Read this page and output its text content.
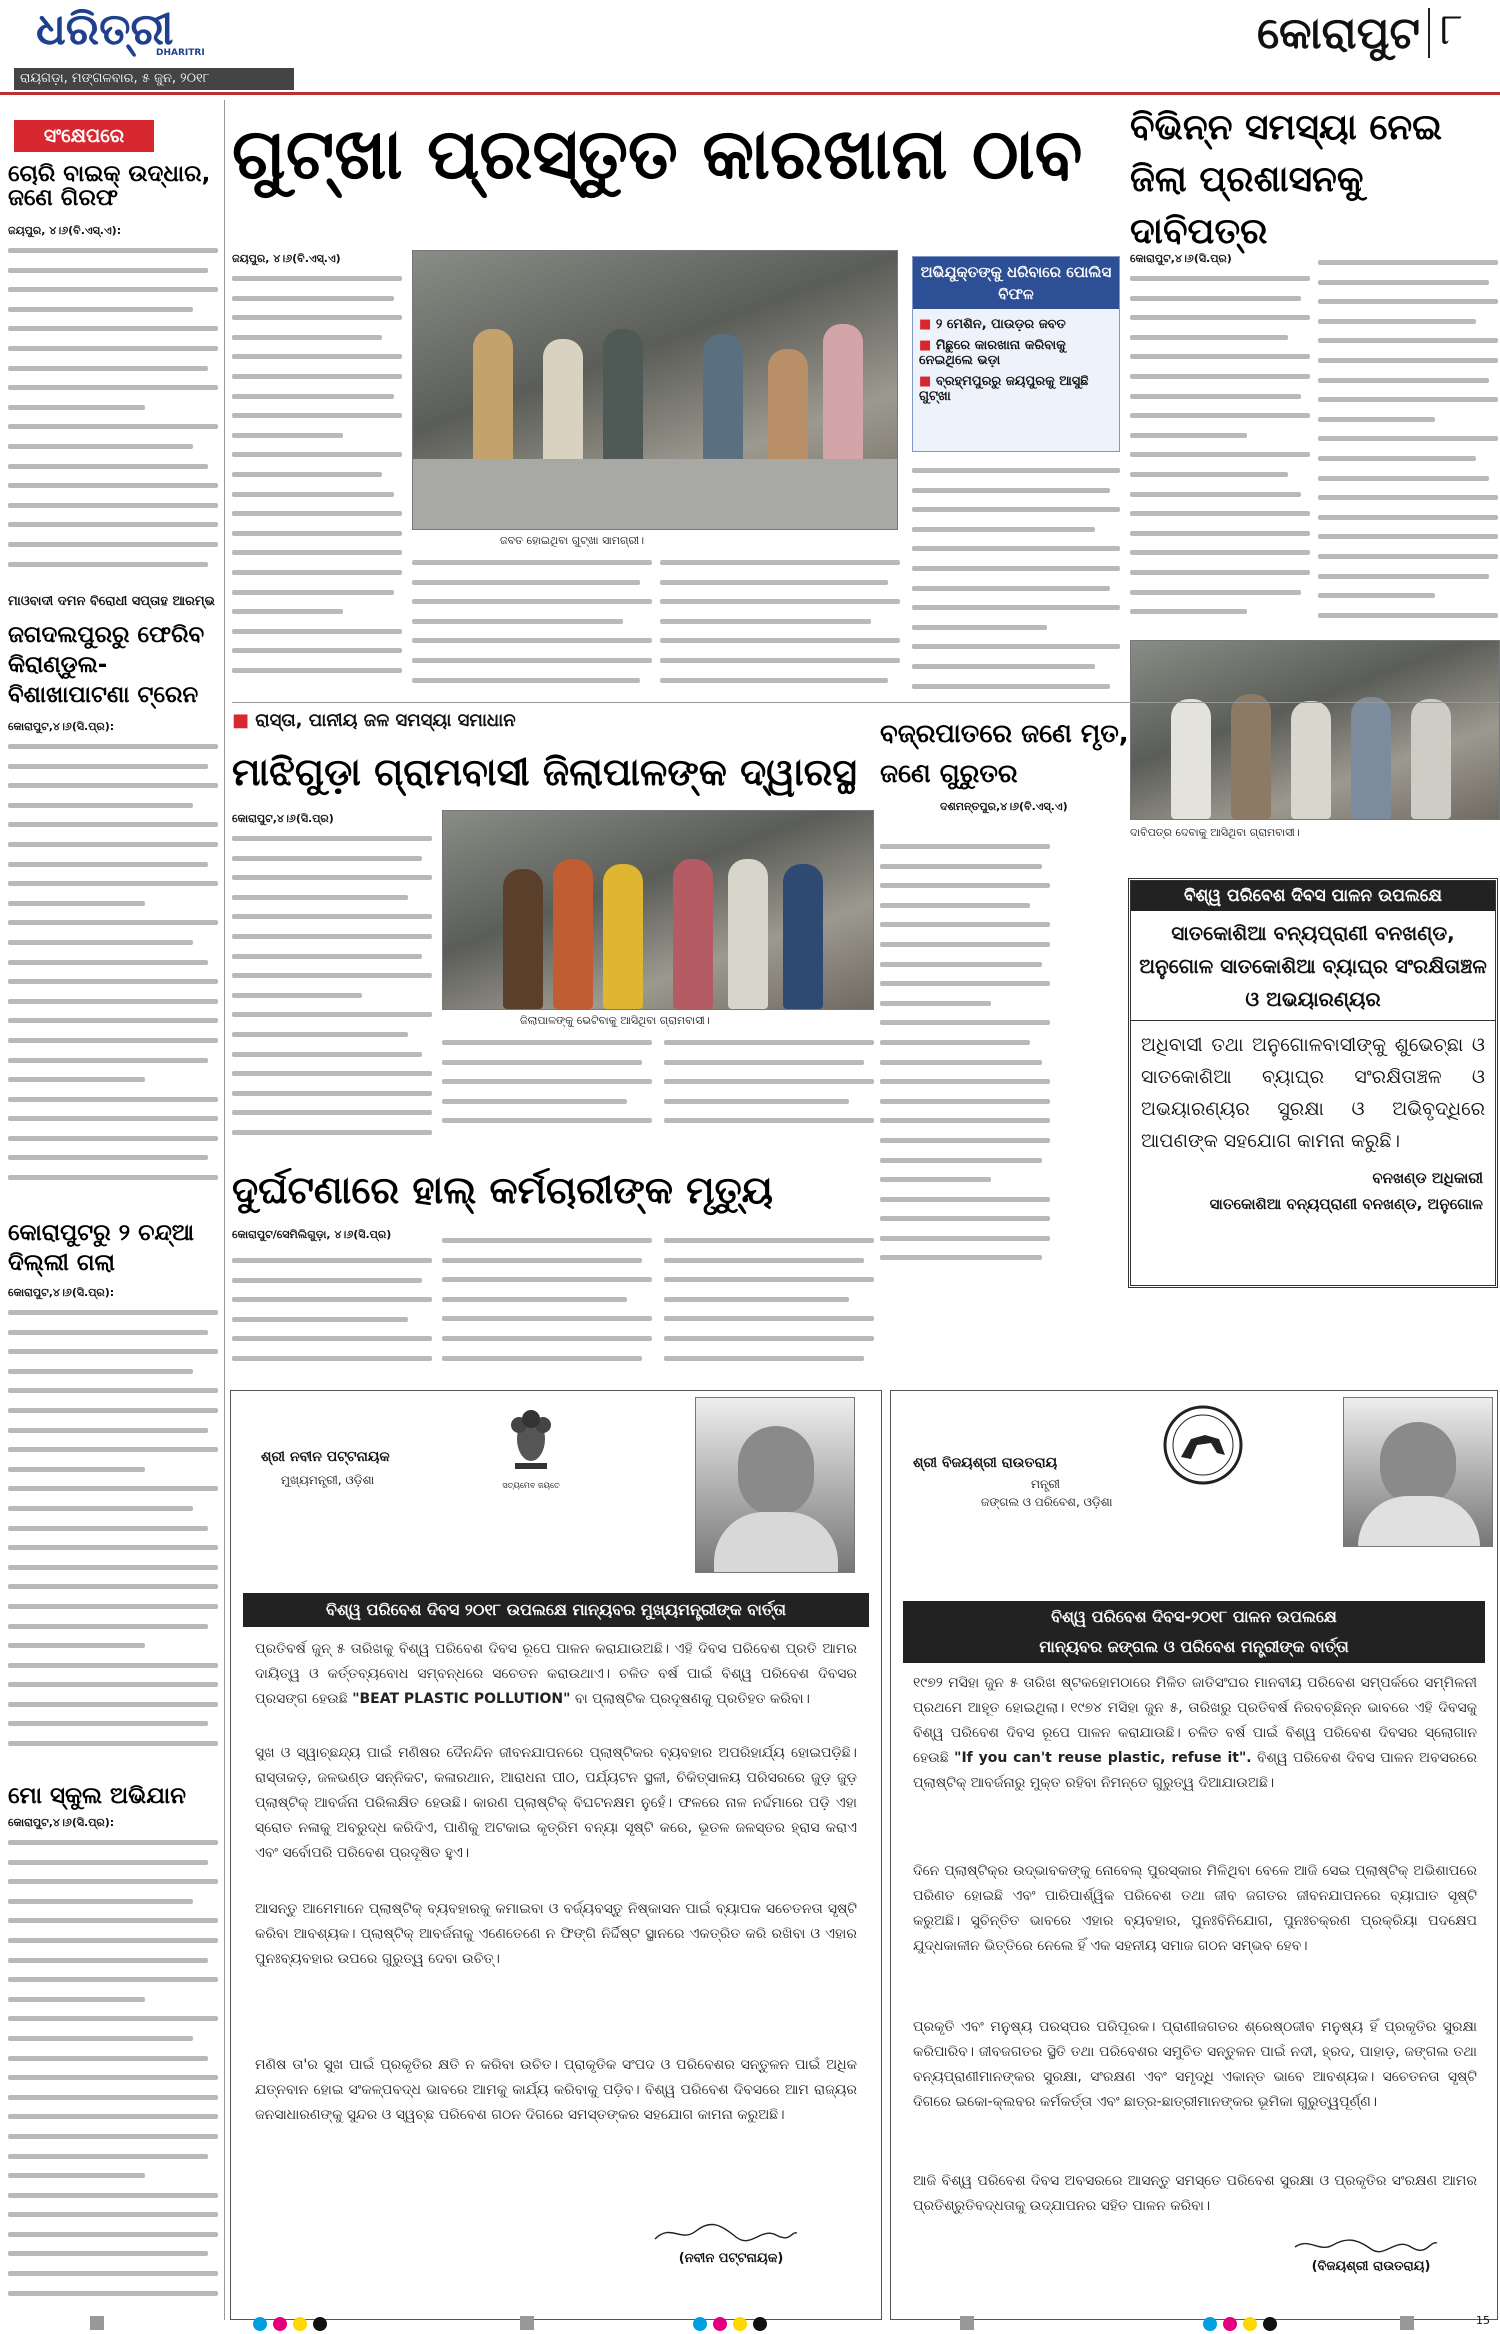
ଧରିତ୍ରୀ
DHARITRI
ରାୟଗଡ଼ା, ମଙ୍ଗଳବାର, ୫ ଜୁନ, ୨୦୧୮
କୋରାପୁଟ ୮
ସଂକ୍ଷେପରେ
ଚୋରି ବାଇକ୍ ଉଦ୍ଧାର, ଜଣେ ଗିରଫ
ଜୟପୁର, ୪।୬(ବି.ଏସ୍.ଏ):
ମାଓବାଦୀ ଦମନ ବିରୋଧୀ ସପ୍ତାହ ଆରମ୍ଭ
ଜଗଦଲପୁରରୁ ଫେରିବ କିରାଣ୍ଡୁଲ-ବିଶାଖାପାଟଣା ଟ୍ରେନ
କୋରାପୁଟ,୪।୬(ସି.ପ୍ର):
କୋରାପୁଟରୁ ୨ ଚନ୍ଦ୍ଆ ଦିଲ୍ଲୀ ଗଲା
କୋରାପୁଟ,୪।୬(ସି.ପ୍ର):
ମୋ ସ୍କୁଲ ଅଭିଯାନ
କୋରାପୁଟ,୪।୬(ସି.ପ୍ର):
ଗୁଟ୍‌ଖା ପ୍ରସ୍ତୁତ କାରଖାନା ଠାବ
ଜୟପୁର, ୪।୬(ବି.ଏସ୍.ଏ)
ଜବତ ହୋଇଥିବା ଗୁଟ୍‌ଖା ସାମଗ୍ରୀ।
ଅଭିଯୁକ୍ତଙ୍କୁ ଧରିବାରେ ପୋଲିସ ବିଫଳ
■ ୨ ମେଶିନ, ପାଉଡ଼ର ଜବତ
■ ମିଛୁରେ କାରଖାନା କରିବାକୁ ନେଇଥିଲେ ଭଡ଼ା
■ ବ୍ରହ୍ମପୁରରୁ ଜୟପୁରକୁ ଆସୁଛି ଗୁଟ୍‌ଖା
ବିଭିନ୍ନ ସମସ୍ୟା ନେଇ ଜିଲା ପ୍ରଶାସନକୁ ଦାବିପତ୍ର
କୋରାପୁଟ,୪।୬(ସି.ପ୍ର)
ଦାବିପତ୍ର ଦେବାକୁ ଆସିଥିବା ଗ୍ରାମବାସୀ।
■ ରାସ୍ତା, ପାନୀୟ ଜଳ ସମସ୍ୟା ସମାଧାନ
ମାଝିଗୁଡ଼ା ଗ୍ରାମବାସୀ ଜିଲାପାଳଙ୍କ ଦ୍ୱାରସ୍ଥ
କୋରାପୁଟ,୪।୬(ସି.ପ୍ର)
ଜିଲାପାଳଙ୍କୁ ଭେଟିବାକୁ ଆସିଥିବା ଗ୍ରାମବାସୀ।
ବଜ୍ରପାତରେ ଜଣେ ମୃତ, ଜଣେ ଗୁରୁତର
ଦଶମନ୍ତପୁର,୪।୬(ବି.ଏସ୍.ଏ)
ଦୁର୍ଘଟଣାରେ ହାଲ୍ କର୍ମଚାରୀଙ୍କ ମୃତ୍ୟୁ
କୋରାପୁଟ/ସେମିଲିଗୁଡ଼ା, ୪।୬(ସି.ପ୍ର)
ବିଶ୍ୱ ପରିବେଶ ଦିବସ ପାଳନ ଉପଲକ୍ଷେ
ସାତକୋଶିଆ ବନ୍ୟପ୍ରାଣୀ ବନଖଣ୍ଡ, ଅନୁଗୋଳ ସାତକୋଶିଆ ବ୍ୟାଘ୍ର ସଂରକ୍ଷିତାଞ୍ଚଳ ଓ ଅଭୟାରଣ୍ୟର
ଅଧିବାସୀ ତଥା ଅନୁଗୋଳବାସୀଙ୍କୁ ଶୁଭେଚ୍ଛା ଓ ସାତକୋଶିଆ ବ୍ୟାଘ୍ର ସଂରକ୍ଷିତାଞ୍ଚଳ ଓ ଅଭୟାରଣ୍ୟର ସୁରକ୍ଷା ଓ ଅଭିବୃଦ୍ଧିରେ ଆପଣଙ୍କ ସହଯୋଗ କାମନା କରୁଛି।
ବନଖଣ୍ଡ ଅଧିକାରୀ
ସାତକୋଶିଆ ବନ୍ୟପ୍ରାଣୀ ବନଖଣ୍ଡ, ଅନୁଗୋଳ
ଶ୍ରୀ ନବୀନ ପଟ୍ଟନାୟକ
ମୁଖ୍ୟମନ୍ତ୍ରୀ, ଓଡ଼ିଶା	ସତ୍ୟମେବ ଜୟତେ
ବିଶ୍ୱ ପରିବେଶ ଦିବସ ୨୦୧୮ ଉପଲକ୍ଷେ ମାନ୍ୟବର ମୁଖ୍ୟମନ୍ତ୍ରୀଙ୍କ ବାର୍ତ୍ତା
ପ୍ରତିବର୍ଷ ଜୁନ୍ ୫ ତାରିଖକୁ ବିଶ୍ୱ ପରିବେଶ ଦିବସ ରୂପେ ପାଳନ କରାଯାଉଅଛି। ଏହି ଦିବସ ପରିବେଶ ପ୍ରତି ଆମର ଦାୟିତ୍ୱ ଓ କର୍ତ୍ତବ୍ୟବୋଧ ସମ୍ବନ୍ଧରେ ସଚେତନ କରାଉଥାଏ। ଚଳିତ ବର୍ଷ ପାଇଁ ବିଶ୍ୱ ପରିବେଶ ଦିବସର ପ୍ରସଙ୍ଗ ହେଉଛି "BEAT PLASTIC POLLUTION" ବା ପ୍ଲାଷ୍ଟିକ ପ୍ରଦୂଷଣକୁ ପ୍ରତିହତ କରିବା।
ସୁଖ ଓ ସ୍ୱାଚ୍ଛନ୍ଦ୍ୟ ପାଇଁ ମଣିଷର ଦୈନନ୍ଦିନ ଜୀବନଯାପନରେ ପ୍ଲାଷ୍ଟିକର ବ୍ୟବହାର ଅପରିହାର୍ଯ୍ୟ ହୋଇପଡ଼ିଛି। ରାସ୍ତାକଡ଼, ଜଳଭଣ୍ଡ ସନ୍ନିକଟ, କଳାରଥାନ, ଆରାଧନା ପୀଠ, ପର୍ଯ୍ୟଟନ ସ୍ଥଳୀ, ଚିକିତ୍ସାଳୟ ପରିସରରେ ଜୁଡ଼ ଜୁଡ଼ ପ୍ଲାଷ୍ଟିକ୍ ଆବର୍ଜନା ପରିଲକ୍ଷିତ ହେଉଛି। କାରଣ ପ୍ଲାଷ୍ଟିକ୍ ବିଘଟନକ୍ଷମ ନୁହେଁ। ଫଳରେ ନାଳ ନର୍ଦ୍ଦମାରେ ପଡ଼ି ଏହା ସ୍ରୋତ ନଳାକୁ ଅବରୁଦ୍ଧ କରିଦିଏ, ପାଣିକୁ ଅଟକାଇ କୃତ୍ରିମ ବନ୍ୟା ସୃଷ୍ଟି କରେ, ଭୂତଳ ଜଳସ୍ତର ହ୍ରାସ କରାଏ ଏବଂ ସର୍ବୋପରି ପରିବେଶ ପ୍ରଦୂଷିତ ହୁଏ।
ଆସନ୍ତୁ ଆମେମାନେ ପ୍ଲାଷ୍ଟିକ୍ ବ୍ୟବହାରକୁ କମାଇବା ଓ ବର୍ଜ୍ୟବସ୍ତୁ ନିଷ୍କାସନ ପାଇଁ ବ୍ୟାପକ ସଚେତନତା ସୃଷ୍ଟି କରିବା ଆବଶ୍ୟକ। ପ୍ଲାଷ୍ଟିକ୍ ଆବର୍ଜନାକୁ ଏଣେତେଣେ ନ ଫିଙ୍ଗି ନିର୍ଦ୍ଦିଷ୍ଟ ସ୍ଥାନରେ ଏକତ୍ରିତ କରି ରଖିବା ଓ ଏହାର ପୁନଃବ୍ୟବହାର ଉପରେ ଗୁରୁତ୍ୱ ଦେବା ଉଚିତ୍।
ମଣିଷ ତା'ର ସୁଖ ପାଇଁ ପ୍ରକୃତିର କ୍ଷତି ନ କରିବା ଉଚିତ। ପ୍ରାକୃତିକ ସଂପଦ ଓ ପରିବେଶର ସନ୍ତୁଳନ ପାଇଁ ଅଧିକ ଯତ୍ନବାନ ହୋଇ ସଂକଳ୍ପବଦ୍ଧ ଭାବରେ ଆମକୁ କାର୍ଯ୍ୟ କରିବାକୁ ପଡ଼ିବ। ବିଶ୍ୱ ପରିବେଶ ଦିବସରେ ଆମ ରାଜ୍ୟର ଜନସାଧାରଣଙ୍କୁ ସୁନ୍ଦର ଓ ସ୍ୱଚ୍ଛ ପରିବେଶ ଗଠନ ଦିଗରେ ସମସ୍ତଙ୍କର ସହଯୋଗ କାମନା କରୁଅଛି।
(ନବୀନ ପଟ୍ଟନାୟକ)
ଶ୍ରୀ ବିଜୟଶ୍ରୀ ରାଉତରାୟ
ମନ୍ତ୍ରୀ
ଜଙ୍ଗଲ ଓ ପରିବେଶ, ଓଡ଼ିଶା
ବିଶ୍ୱ ପରିବେଶ ଦିବସ-୨୦୧୮ ପାଳନ ଉପଲକ୍ଷେ
ମାନ୍ୟବର ଜଙ୍ଗଲ ଓ ପରିବେଶ ମନ୍ତ୍ରୀଙ୍କ ବାର୍ତ୍ତା
୧୯୭୨ ମସିହା ଜୁନ ୫ ତାରିଖ ଷ୍ଟକହୋମଠାରେ ମିଳିତ ଜାତିସଂଘର ମାନବୀୟ ପରିବେଶ ସମ୍ପର୍କରେ ସମ୍ମିଳନୀ ପ୍ରଥମେ ଆହୂତ ହୋଇଥିଲା। ୧୯୭୪ ମସିହା ଜୁନ ୫, ତାରିଖରୁ ପ୍ରତିବର୍ଷ ନିରବଚ୍ଛିନ୍ନ ଭାବରେ ଏହି ଦିବସକୁ ବିଶ୍ୱ ପରିବେଶ ଦିବସ ରୂପେ ପାଳନ କରାଯାଉଛି। ଚଳିତ ବର୍ଷ ପାଇଁ ବିଶ୍ୱ ପରିବେଶ ଦିବସର ସ୍ଲୋଗାନ ହେଉଛି "If you can't reuse plastic, refuse it". ବିଶ୍ୱ ପରିବେଶ ଦିବସ ପାଳନ ଅବସରରେ ପ୍ଲାଷ୍ଟିକ୍ ଆବର୍ଜନାରୁ ମୁକ୍ତ ରହିବା ନିମନ୍ତେ ଗୁରୁତ୍ୱ ଦିଆଯାଉଅଛି।
ଦିନେ ପ୍ଲାଷ୍ଟିକ୍‌ର ଉଦ୍ଭାବକଙ୍କୁ ନୋବେଲ୍ ପୁରସ୍କାର ମିଳିଥିବା ବେଳେ ଆଜି ସେଇ ପ୍ଲାଷ୍ଟିକ୍ ଅଭିଶାପରେ ପରିଣତ ହୋଇଛି ଏବଂ ପାରିପାର୍ଶ୍ୱିକ ପରିବେଶ ତଥା ଜୀବ ଜଗତର ଜୀବନଯାପନରେ ବ୍ୟାଘାତ ସୃଷ୍ଟି କରୁଅଛି। ସୁଚିନ୍ତିତ ଭାବରେ ଏହାର ବ୍ୟବହାର, ପୁନଃବିନିଯୋଗ, ପୁନଃଚକ୍ରଣ ପ୍ରକ୍ରିୟା ପଦକ୍ଷେପ ଯୁଦ୍ଧକାଳୀନ ଭିତ୍ତିରେ ନେଲେ ହିଁ ଏକ ସହନୀୟ ସମାଜ ଗଠନ ସମ୍ଭବ ହେବ।
ପ୍ରକୃତି ଏବଂ ମନୁଷ୍ୟ ପରସ୍ପର ପରିପୂରକ। ପ୍ରାଣୀଜଗତର ଶ୍ରେଷ୍ଠଜୀବ ମନୁଷ୍ୟ ହିଁ ପ୍ରକୃତିର ସୁରକ୍ଷା କରିପାରିବ। ଜୀବଜଗତର ସ୍ଥିତି ତଥା ପରିବେଶର ସମୁଚିତ ସନ୍ତୁଳନ ପାଇଁ ନଦୀ, ହ୍ରଦ, ପାହାଡ଼, ଜଙ୍ଗଲ ତଥା ବନ୍ୟପ୍ରାଣୀମାନଙ୍କର ସୁରକ୍ଷା, ସଂରକ୍ଷଣ ଏବଂ ସମୃଦ୍ଧି ଏକାନ୍ତ ଭାବେ ଆବଶ୍ୟକ। ସଚେତନତା ସୃଷ୍ଟି ଦିଗରେ ଇକୋ-କ୍ଲବର କର୍ମକର୍ତ୍ତା ଏବଂ ଛାତ୍ର-ଛାତ୍ରୀମାନଙ୍କର ଭୂମିକା ଗୁରୁତ୍ୱପୂର୍ଣ୍ଣ।
ଆଜି ବିଶ୍ୱ ପରିବେଶ ଦିବସ ଅବସରରେ ଆସନ୍ତୁ ସମସ୍ତେ ପରିବେଶ ସୁରକ୍ଷା ଓ ପ୍ରକୃତିର ସଂରକ୍ଷଣ ଆମର ପ୍ରତିଶ୍ରୁତିବଦ୍ଧତାକୁ ଉଦ୍‌ଯାପନର ସହିତ ପାଳନ କରିବା।
(ବିଜୟଶ୍ରୀ ରାଉତରାୟ)
15
